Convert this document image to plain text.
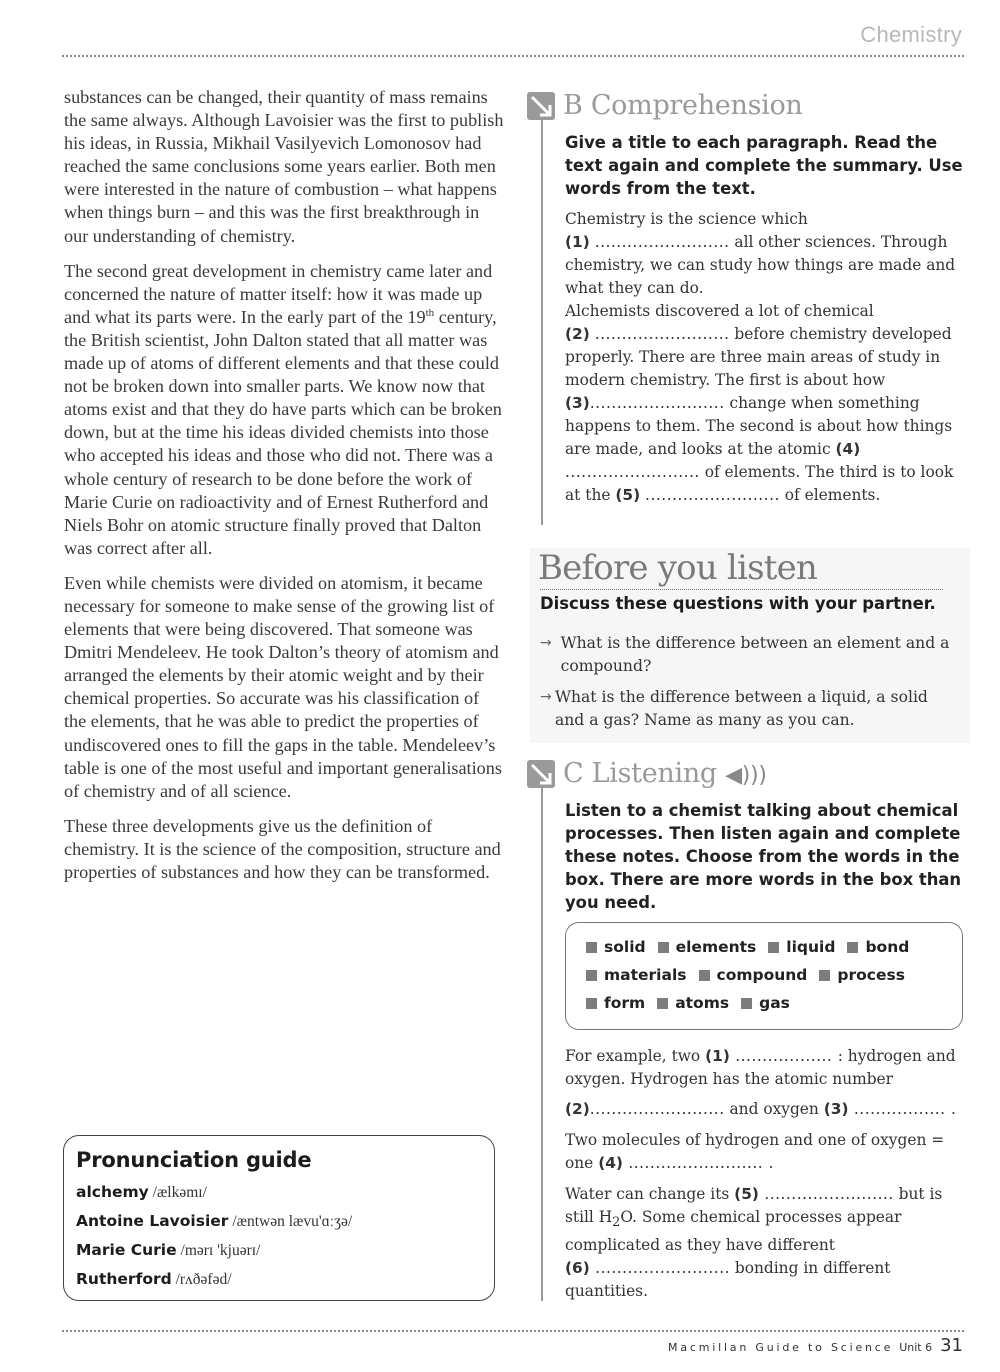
Chemistry

substances can be changed, their quantity of mass remains the same always. Although Lavoisier was the first to publish his ideas, in Russia, Mikhail Vasilyevich Lomonosov had reached the same conclusions some years earlier. Both men were interested in the nature of combustion – what happens when things burn – and this was the first breakthrough in our understanding of chemistry.

The second great development in chemistry came later and concerned the nature of matter itself: how it was made up and what its parts were. In the early part of the 19th century, the British scientist, John Dalton stated that all matter was made up of atoms of different elements and that these could not be broken down into smaller parts. We know now that atoms exist and that they do have parts which can be broken down, but at the time his ideas divided chemists into those who accepted his ideas and those who did not. There was a whole century of research to be done before the work of Marie Curie on radioactivity and of Ernest Rutherford and Niels Bohr on atomic structure finally proved that Dalton was correct after all.

Even while chemists were divided on atomism, it became necessary for someone to make sense of the growing list of elements that were being discovered. That someone was Dmitri Mendeleev. He took Dalton’s theory of atomism and arranged the elements by their atomic weight and by their chemical properties. So accurate was his classification of the elements, that he was able to predict the properties of undiscovered ones to fill the gaps in the table. Mendeleev’s table is one of the most useful and important generalisations of chemistry and of all science.

These three developments give us the definition of chemistry. It is the science of the composition, structure and properties of substances and how they can be transformed.

Pronunciation guide
alchemy /ælkəmɪ/
Antoine Lavoisier /æntwən lævu'ɑːʒə/
Marie Curie /mərɪ 'kjuərɪ/
Rutherford /rʌðəfəd/
B Comprehension
Give a title to each paragraph. Read the text again and complete the summary. Use words from the text.
Chemistry is the science which
(1) ......................... all other sciences. Through chemistry, we can study how things are made and what they can do.
Alchemists discovered a lot of chemical
(2) ......................... before chemistry developed properly. There are three main areas of study in modern chemistry. The first is about how (3)......................... change when something happens to them. The second is about how things are made, and looks at the atomic (4) ......................... of elements. The third is to look at the (5) ......................... of elements.
Before you listen
Discuss these questions with your partner.
→ What is the difference between an element and a compound?
→ What is the difference between a liquid, a solid and a gas? Name as many as you can.
C Listening ◀)))
Listen to a chemist talking about chemical processes. Then listen again and complete these notes. Choose from the words in the box. There are more words in the box than you need.
solid elements liquid bond
materials compound process
form atoms gas
For example, two (1) .................. : hydrogen and oxygen. Hydrogen has the atomic number
(2)......................... and oxygen (3) ................. .
Two molecules of hydrogen and one of oxygen = one (4) ......................... .
Water can change its (5) ........................ but is still $H_2O$. Some chemical processes appear complicated as they have different
(6) ......................... bonding in different quantities.
Macmillan Guide to Science Unit 6 31
